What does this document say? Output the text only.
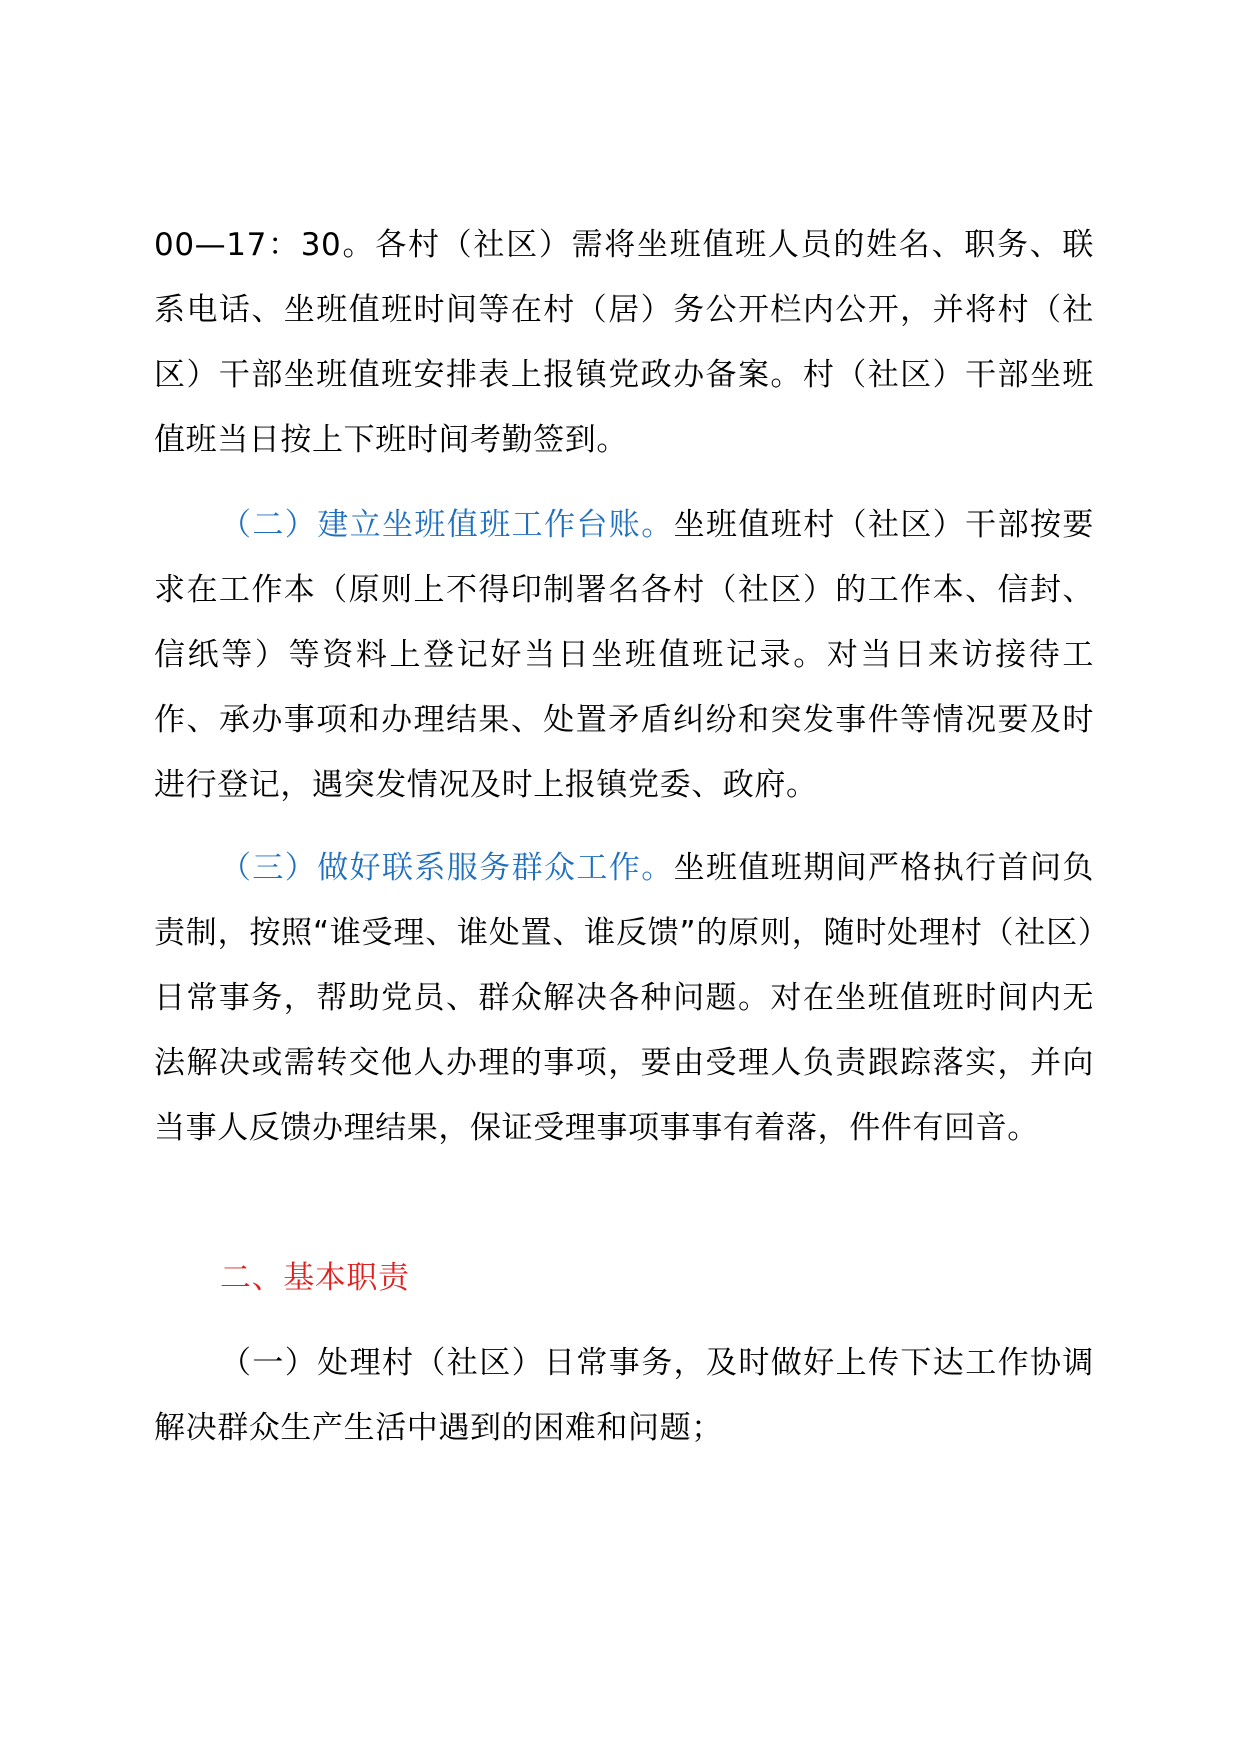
00—17：30。各村（社区）需将坐班值班人员的姓名、职务、联系电话、坐班值班时间等在村（居）务公开栏内公开，并将村（社区）干部坐班值班安排表上报镇党政办备案。村（社区）干部坐班值班当日按上下班时间考勤签到。

（二）建立坐班值班工作台账。坐班值班村（社区）干部按要求在工作本（原则上不得印制署名各村（社区）的工作本、信封、信纸等）等资料上登记好当日坐班值班记录。对当日来访接待工作、承办事项和办理结果、处置矛盾纠纷和突发事件等情况要及时进行登记，遇突发情况及时上报镇党委、政府。

（三）做好联系服务群众工作。坐班值班期间严格执行首问负责制，按照“谁受理、谁处置、谁反馈”的原则，随时处理村（社区）日常事务，帮助党员、群众解决各种问题。对在坐班值班时间内无法解决或需转交他人办理的事项，要由受理人负责跟踪落实，并向当事人反馈办理结果，保证受理事项事事有着落，件件有回音。

二、基本职责

（一）处理村（社区）日常事务，及时做好上传下达工作协调解决群众生产生活中遇到的困难和问题；
